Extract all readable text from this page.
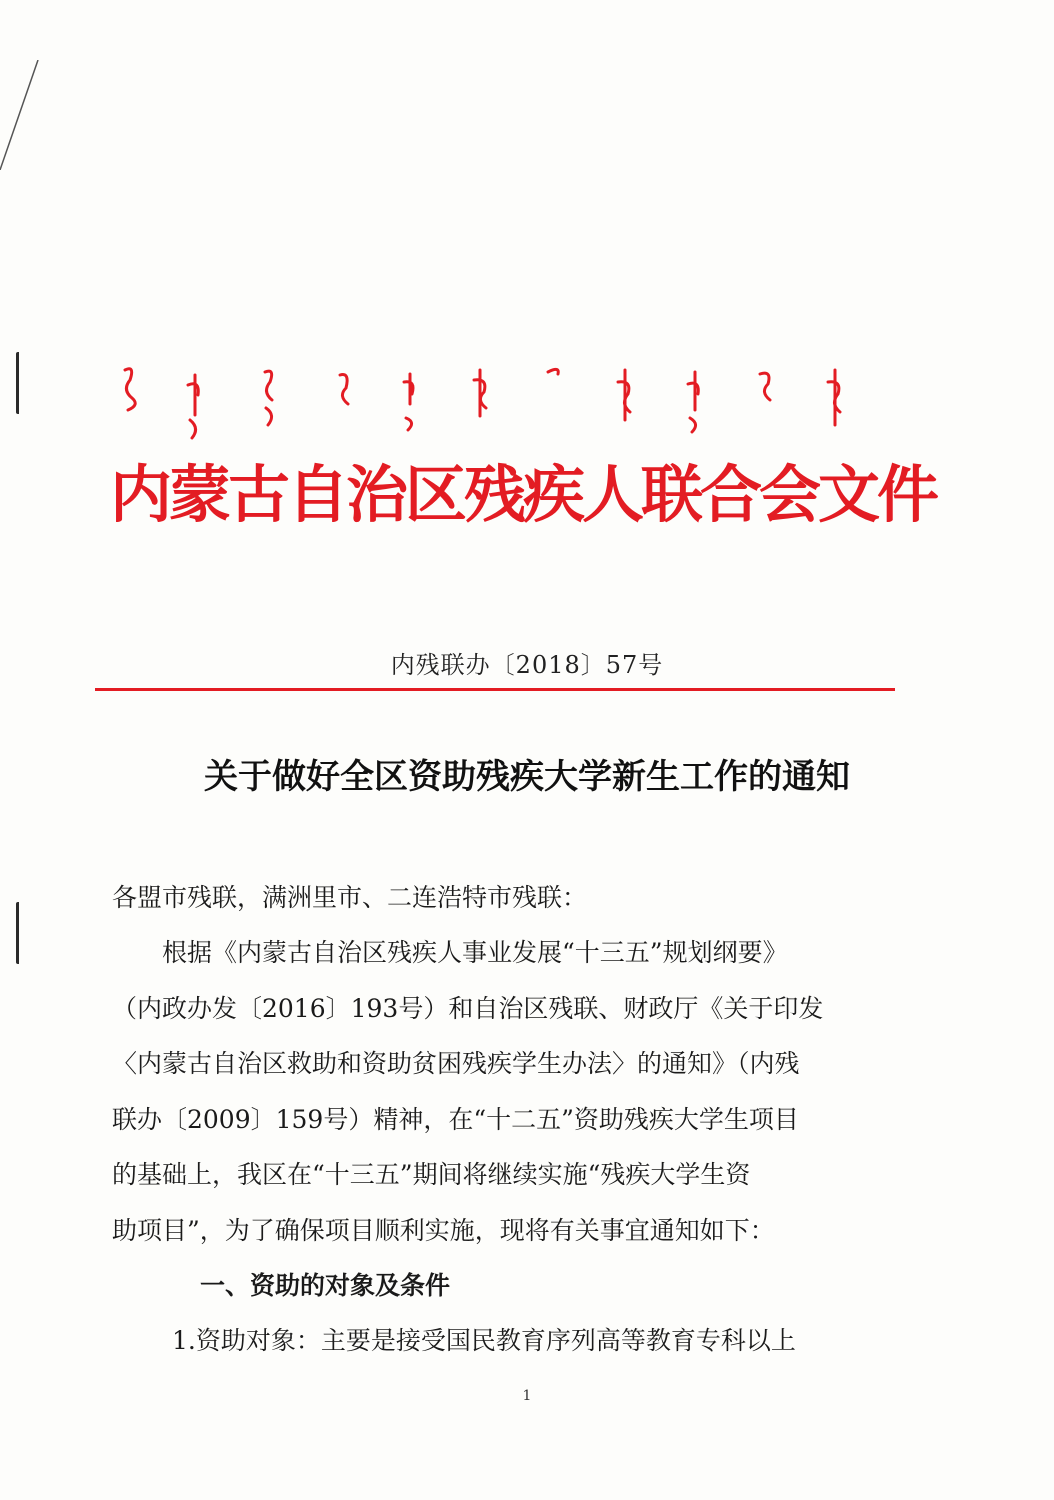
内蒙古自治区残疾人联合会文件
内残联办〔2018〕57号
关于做好全区资助残疾大学新生工作的通知
各盟市残联，满洲里市、二连浩特市残联：
根据《内蒙古自治区残疾人事业发展“十三五”规划纲要》
（内政办发〔2016〕193号）和自治区残联、财政厅《关于印发
〈内蒙古自治区救助和资助贫困残疾学生办法〉的通知》（内残
联办〔2009〕159号）精神，在“十二五”资助残疾大学生项目
的基础上，我区在“十三五”期间将继续实施“残疾大学生资
助项目”，为了确保项目顺利实施，现将有关事宜通知如下：
一、资助的对象及条件
1.资助对象：主要是接受国民教育序列高等教育专科以上
1
